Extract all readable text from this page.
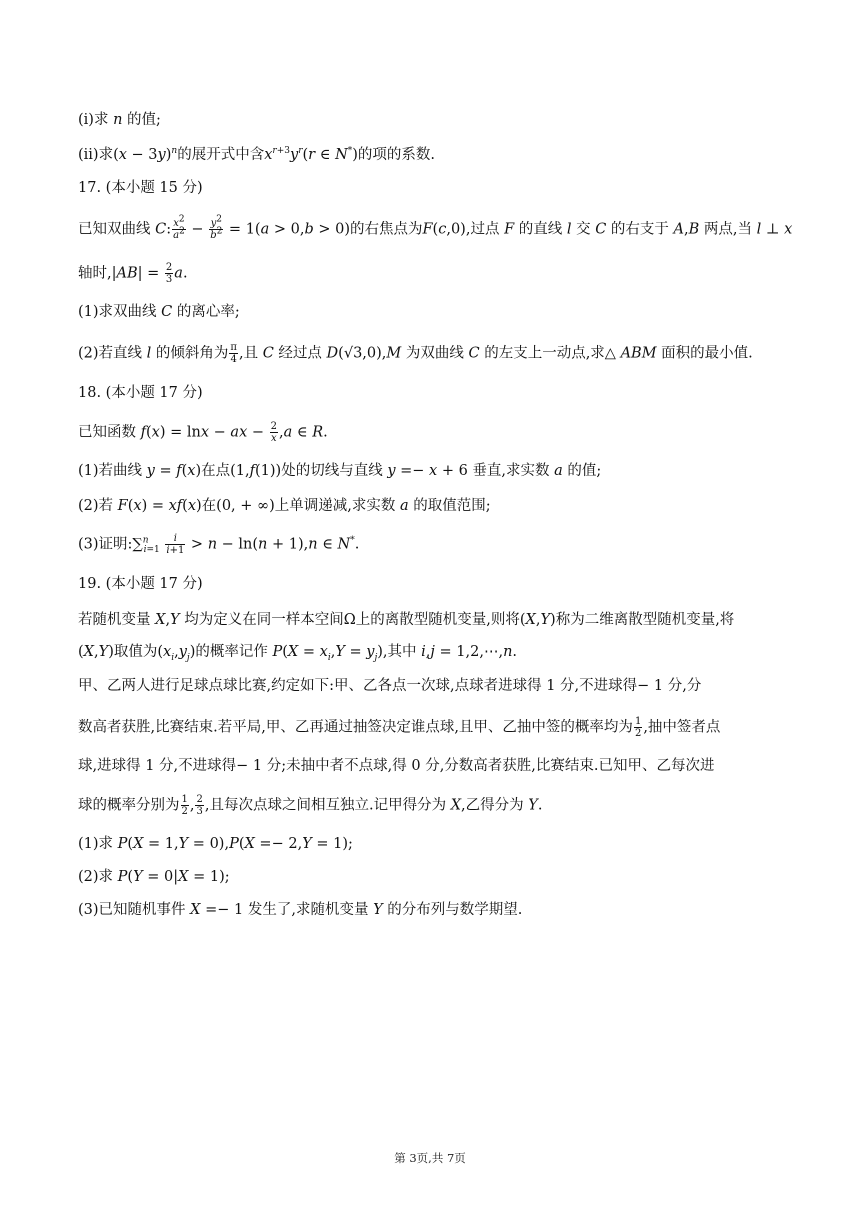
(ⅰ)求 n 的值;
(ⅱ)求$(x - 3y)^n$的展开式中含$x^{r+3}y^r(r$ ∈ N*)的项的系数.
17. (本小题 15 分)
已知双曲线 C: $\frac{x^2}{a^2} - \frac{y^2}{b^2} = 1(a > 0,b > 0)$的右焦点为F(c,0),过点 F 的直线 l 交 C 的右支于 A,B 两点,当 l ⊥ x
轴时$,|AB| = \frac{2}{3} a$.
(1)求双曲线 C 的离心率;
(2)若直线 l 的倾斜角为 $\frac{\pi}{4}$ ,且 C 经过点 D(√3,0),M 为双曲线 C 的左支上一动点,求△ ABM 面积的最小值.
18. (本小题 17 分)
已知函数 f(x) = lnx − ax − $\frac{2}{x} ,a$ ∈ R.
(1)若曲线 y = f(x)在点(1,f(1))处的切线与直线 y =− x + 6 垂直,求实数 a 的值;
(2)若 F(x) = xf(x)在(0, + ∞)上单调递减,求实数 a 的取值范围;
(3)证明:∑$^n_{i=1}$ $\frac{i}{i+1} > n - \ln(n + 1),n$ ∈ N*.
19. (本小题 17 分)
若随机变量 X,Y 均为定义在同一样本空间Ω上的离散型随机变量,则将(X,Y)称为二维离散型随机变量,将
(X,Y)取值为$(x_i,y_j)$的概率记作 $P(X = x_i,Y = y_j)$,其中 i,j = 1,2,⋯,n.
甲、乙两人进行足球点球比赛,约定如下:甲、乙各点一次球,点球者进球得 1 分,不进球得− 1 分,分
数高者获胜,比赛结束.若平局,甲、乙再通过抽签决定谁点球,且甲、乙抽中签的概率均为 $\frac{1}{2}$ ,抽中签者点
球,进球得 1 分,不进球得− 1 分;未抽中者不点球,得 0 分,分数高者获胜,比赛结束.已知甲、乙每次进
球的概率分别为 $\frac{1}{2}$ , $\frac{2}{3}$ ,且每次点球之间相互独立.记甲得分为 X,乙得分为 Y.
(1)求 P(X = 1,Y = 0),P(X =− 2,Y = 1);
(2)求 P(Y = 0|X = 1);
(3)已知随机事件 X =− 1 发生了,求随机变量 Y 的分布列与数学期望.
第 3页,共 7页
